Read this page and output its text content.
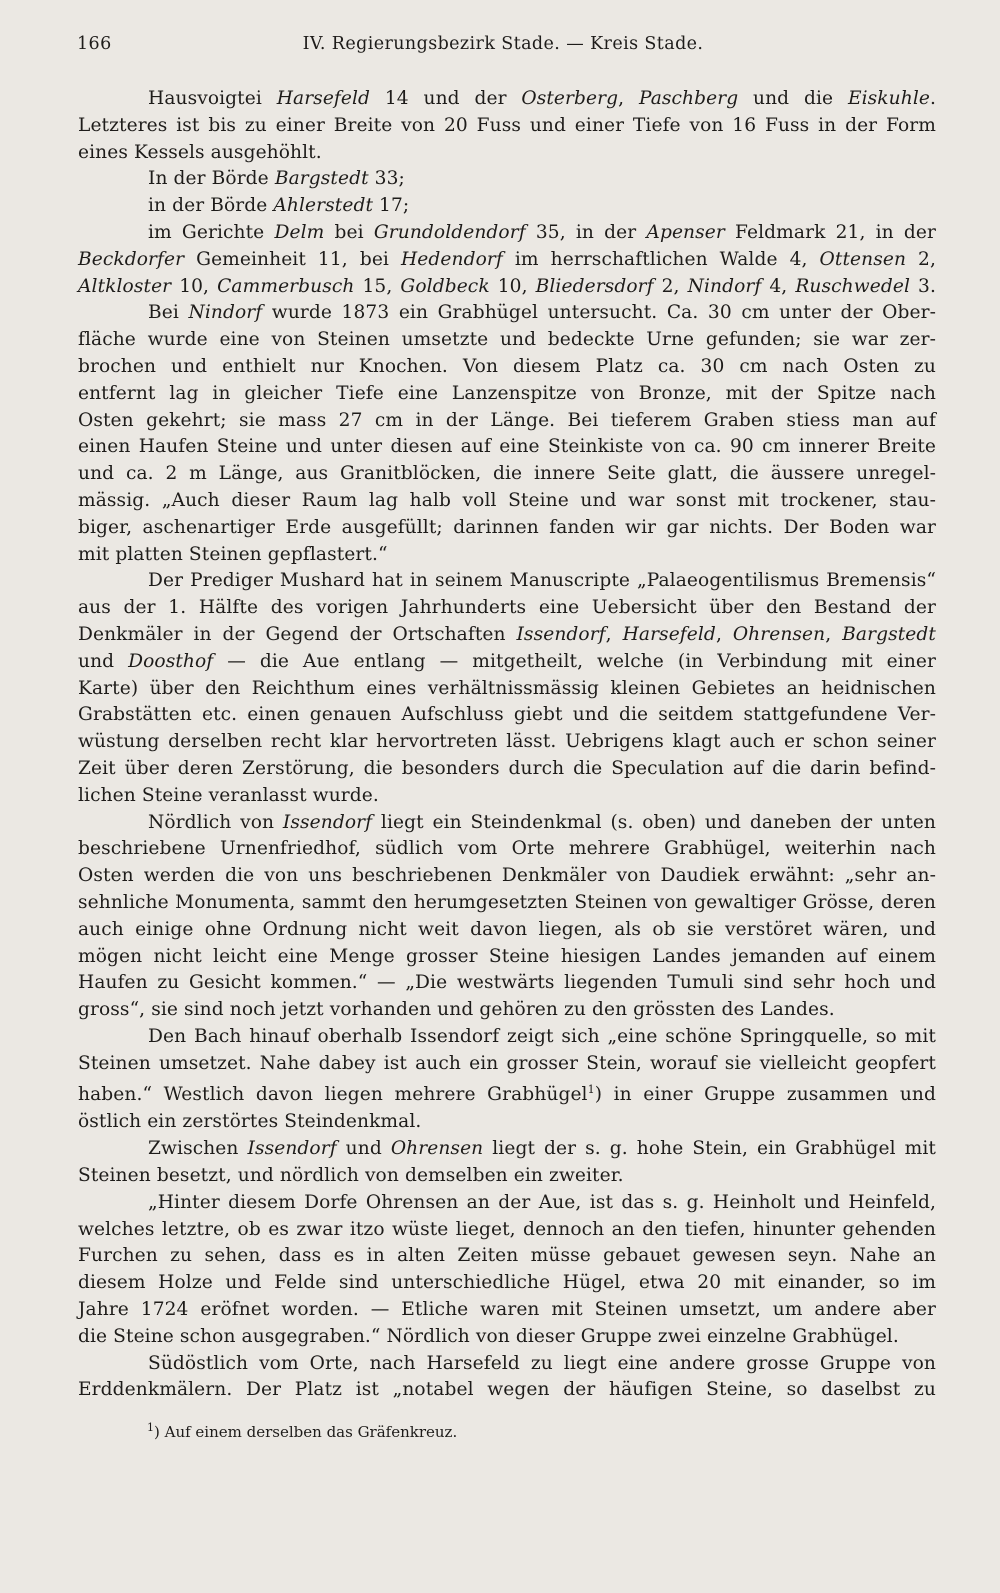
166	IV. Regierungsbezirk Stade. — Kreis Stade.
Hausvoigtei Harsefeld 14 und der Osterberg, Paschberg und die Eiskuhle.
Letzteres ist bis zu einer Breite von 20 Fuss und einer Tiefe von 16 Fuss in der Form
eines Kessels ausgehöhlt.
In der Börde Bargstedt 33;
in der Börde Ahlerstedt 17;
im Gerichte Delm bei Grundoldendorf 35, in der Apenser Feldmark 21, in der
Beckdorfer Gemeinheit 11, bei Hedendorf im herrschaftlichen Walde 4, Ottensen 2,
Altkloster 10, Cammerbusch 15, Goldbeck 10, Bliedersdorf 2, Nindorf 4, Ruschwedel 3.
Bei Nindorf wurde 1873 ein Grabhügel untersucht. Ca. 30 cm unter der Ober-
fläche wurde eine von Steinen umsetzte und bedeckte Urne gefunden; sie war zer-
brochen und enthielt nur Knochen. Von diesem Platz ca. 30 cm nach Osten zu
entfernt lag in gleicher Tiefe eine Lanzenspitze von Bronze, mit der Spitze nach
Osten gekehrt; sie mass 27 cm in der Länge. Bei tieferem Graben stiess man auf
einen Haufen Steine und unter diesen auf eine Steinkiste von ca. 90 cm innerer Breite
und ca. 2 m Länge, aus Granitblöcken, die innere Seite glatt, die äussere unregel-
mässig. „Auch dieser Raum lag halb voll Steine und war sonst mit trockener, stau-
biger, aschenartiger Erde ausgefüllt; darinnen fanden wir gar nichts. Der Boden war
mit platten Steinen gepflastert.“
Der Prediger Mushard hat in seinem Manuscripte „Palaeogentilismus Bremensis“
aus der 1. Hälfte des vorigen Jahrhunderts eine Uebersicht über den Bestand der
Denkmäler in der Gegend der Ortschaften Issendorf, Harsefeld, Ohrensen, Bargstedt
und Doosthof — die Aue entlang — mitgetheilt, welche (in Verbindung mit einer
Karte) über den Reichthum eines verhältnissmässig kleinen Gebietes an heidnischen
Grabstätten etc. einen genauen Aufschluss giebt und die seitdem stattgefundene Ver-
wüstung derselben recht klar hervortreten lässt. Uebrigens klagt auch er schon seiner
Zeit über deren Zerstörung, die besonders durch die Speculation auf die darin befind-
lichen Steine veranlasst wurde.
Nördlich von Issendorf liegt ein Steindenkmal (s. oben) und daneben der unten
beschriebene Urnenfriedhof, südlich vom Orte mehrere Grabhügel, weiterhin nach
Osten werden die von uns beschriebenen Denkmäler von Daudiek erwähnt: „sehr an-
sehnliche Monumenta, sammt den herumgesetzten Steinen von gewaltiger Grösse, deren
auch einige ohne Ordnung nicht weit davon liegen, als ob sie verstöret wären, und
mögen nicht leicht eine Menge grosser Steine hiesigen Landes jemanden auf einem
Haufen zu Gesicht kommen.“ — „Die westwärts liegenden Tumuli sind sehr hoch und
gross“, sie sind noch jetzt vorhanden und gehören zu den grössten des Landes.
Den Bach hinauf oberhalb Issendorf zeigt sich „eine schöne Springquelle, so mit
Steinen umsetzet. Nahe dabey ist auch ein grosser Stein, worauf sie vielleicht geopfert
haben.“ Westlich davon liegen mehrere Grabhügel$^1$) in einer Gruppe zusammen und
östlich ein zerstörtes Steindenkmal.
Zwischen Issendorf und Ohrensen liegt der s. g. hohe Stein, ein Grabhügel mit
Steinen besetzt, und nördlich von demselben ein zweiter.
„Hinter diesem Dorfe Ohrensen an der Aue, ist das s. g. Heinholt und Heinfeld,
welches letztre, ob es zwar itzo wüste lieget, dennoch an den tiefen, hinunter gehenden
Furchen zu sehen, dass es in alten Zeiten müsse gebauet gewesen seyn. Nahe an
diesem Holze und Felde sind unterschiedliche Hügel, etwa 20 mit einander, so im
Jahre 1724 eröfnet worden. — Etliche waren mit Steinen umsetzt, um andere aber
die Steine schon ausgegraben.“ Nördlich von dieser Gruppe zwei einzelne Grabhügel.
Südöstlich vom Orte, nach Harsefeld zu liegt eine andere grosse Gruppe von
Erddenkmälern. Der Platz ist „notabel wegen der häufigen Steine, so daselbst zu
$^1$) Auf einem derselben das Gräfenkreuz.
